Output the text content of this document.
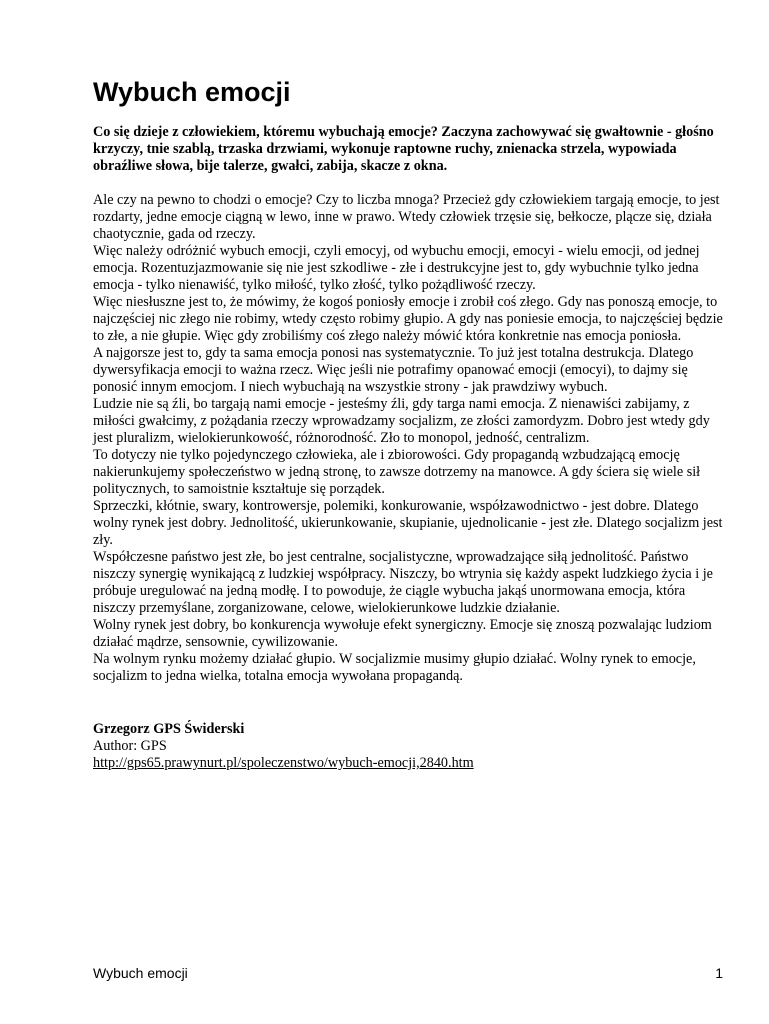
Wybuch emocji

Co się dzieje z człowiekiem, któremu wybuchają emocje? Zaczyna zachowywać się gwałtownie - głośno krzyczy, tnie szablą, trzaska drzwiami, wykonuje raptowne ruchy, znienacka strzela, wypowiada obraźliwe słowa, bije talerze, gwałci, zabija, skacze z okna.

Ale czy na pewno to chodzi o emocje? Czy to liczba mnoga? Przecież gdy człowiekiem targają emocje, to jest rozdarty, jedne emocje ciągną w lewo, inne w prawo. Wtedy człowiek trzęsie się, bełkocze, plącze się, działa chaotycznie, gada od rzeczy.

Więc należy odróżnić wybuch emocji, czyli emocyj, od wybuchu emocji, emocyi - wielu emocji, od jednej emocja. Rozentuzjazmowanie się nie jest szkodliwe - złe i destrukcyjne jest to, gdy wybuchnie tylko jedna emocja - tylko nienawiść, tylko miłość, tylko złość, tylko pożądliwość rzeczy.

Więc niesłuszne jest to, że mówimy, że kogoś poniosły emocje i zrobił coś złego. Gdy nas ponoszą emocje, to najczęściej nic złego nie robimy, wtedy często robimy głupio. A gdy nas poniesie emocja, to najczęściej będzie to złe, a nie głupie. Więc gdy zrobiliśmy coś złego należy mówić która konkretnie nas emocja poniosła.

A najgorsze jest to, gdy ta sama emocja ponosi nas systematycznie. To już jest totalna destrukcja. Dlatego dywersyfikacja emocji to ważna rzecz. Więc jeśli nie potrafimy opanować emocji (emocyi), to dajmy się ponosić innym emocjom. I niech wybuchają na wszystkie strony - jak prawdziwy wybuch.

Ludzie nie są źli, bo targają nami emocje - jesteśmy źli, gdy targa nami emocja. Z nienawiści zabijamy, z miłości gwałcimy, z pożądania rzeczy wprowadzamy socjalizm, ze złości zamordyzm. Dobro jest wtedy gdy jest pluralizm, wielokierunkowość, różnorodność. Zło to monopol, jedność, centralizm.

To dotyczy nie tylko pojedynczego człowieka, ale i zbiorowości. Gdy propagandą wzbudzającą emocję nakierunkujemy społeczeństwo w jedną stronę, to zawsze dotrzemy na manowce. A gdy ściera się wiele sił politycznych, to samoistnie kształtuje się porządek.

Sprzeczki, kłótnie, swary, kontrowersje, polemiki, konkurowanie, współzawodnictwo - jest dobre. Dlatego wolny rynek jest dobry. Jednolitość, ukierunkowanie, skupianie, ujednolicanie - jest złe. Dlatego socjalizm jest zły.

Współczesne państwo jest złe, bo jest centralne, socjalistyczne, wprowadzające siłą jednolitość. Państwo niszczy synergię wynikającą z ludzkiej współpracy. Niszczy, bo wtrynia się każdy aspekt ludzkiego życia i je próbuje uregulować na jedną modłę. I to powoduje, że ciągle wybucha jakąś unormowana emocja, która niszczy przemyślane, zorganizowane, celowe, wielokierunkowe ludzkie działanie.

Wolny rynek jest dobry, bo konkurencja wywołuje efekt synergiczny. Emocje się znoszą pozwalając ludziom działać mądrze, sensownie, cywilizowanie.

Na wolnym rynku możemy działać głupio. W socjalizmie musimy głupio działać. Wolny rynek to emocje, socjalizm to jedna wielka, totalna emocja wywołana propagandą.

Grzegorz GPS Świderski
Author: GPS
http://gps65.prawynurt.pl/spoleczenstwo/wybuch-emocji,2840.htm
Wybuch emocji	1
